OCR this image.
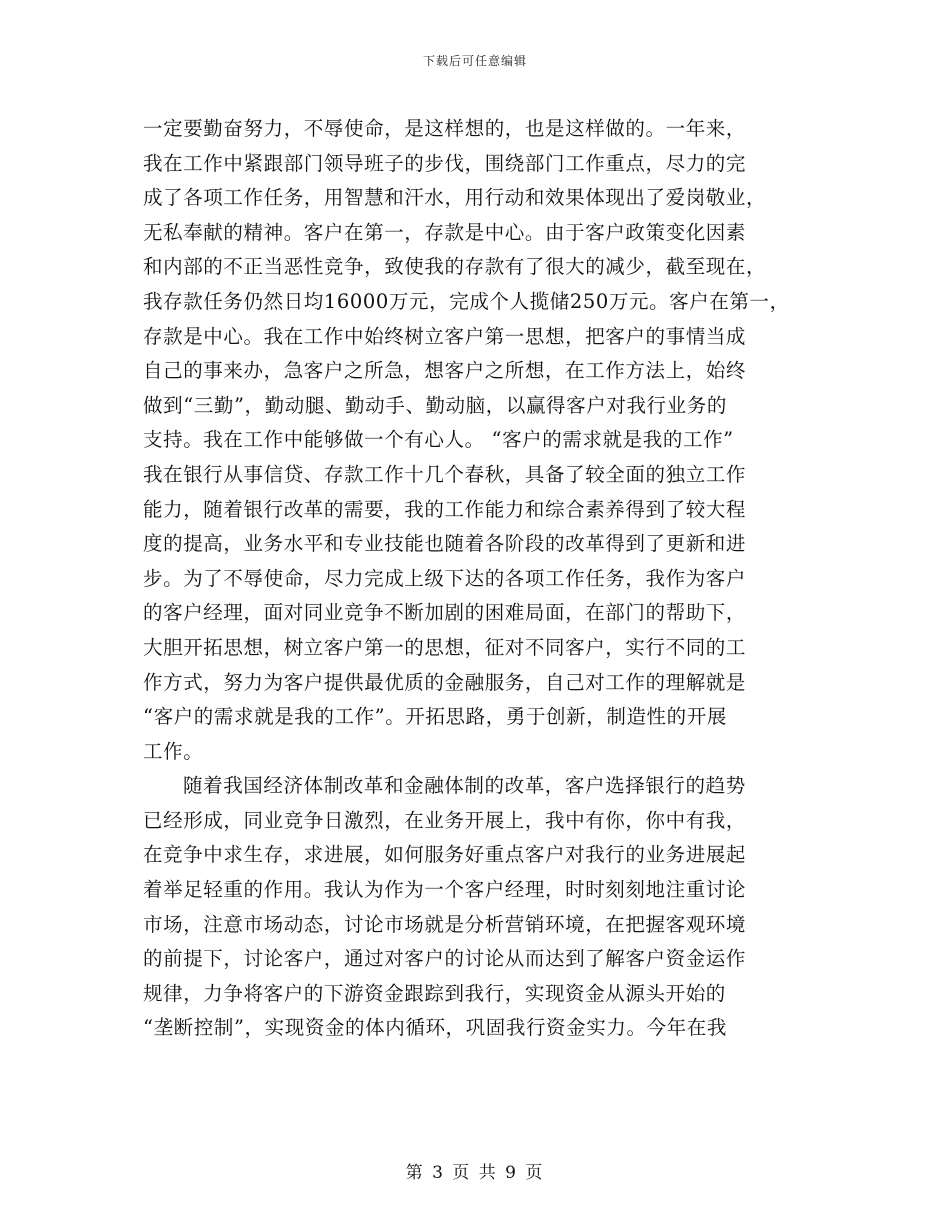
下载后可任意编辑
一定要勤奋努力，不辱使命，是这样想的，也是这样做的。一年来，
我在工作中紧跟部门领导班子的步伐，围绕部门工作重点，尽力的完
成了各项工作任务，用智慧和汗水，用行动和效果体现出了爱岗敬业，
无私奉献的精神。客户在第一，存款是中心。由于客户政策变化因素
和内部的不正当恶性竞争，致使我的存款有了很大的减少，截至现在，
我存款任务仍然日均16000万元，完成个人揽储250万元。客户在第一，
存款是中心。我在工作中始终树立客户第一思想，把客户的事情当成
自己的事来办，急客户之所急，想客户之所想，在工作方法上，始终
做到“三勤”，勤动腿、勤动手、勤动脑，以赢得客户对我行业务的
支持。我在工作中能够做一个有心人。 “客户的需求就是我的工作”
我在银行从事信贷、存款工作十几个春秋，具备了较全面的独立工作
能力，随着银行改革的需要，我的工作能力和综合素养得到了较大程
度的提高，业务水平和专业技能也随着各阶段的改革得到了更新和进
步。为了不辱使命，尽力完成上级下达的各项工作任务，我作为客户
的客户经理，面对同业竞争不断加剧的困难局面，在部门的帮助下，
大胆开拓思想，树立客户第一的思想，征对不同客户，实行不同的工
作方式，努力为客户提供最优质的金融服务，自己对工作的理解就是
“客户的需求就是我的工作”。开拓思路，勇于创新，制造性的开展
工作。
随着我国经济体制改革和金融体制的改革，客户选择银行的趋势
已经形成，同业竞争日激烈，在业务开展上，我中有你，你中有我，
在竞争中求生存，求进展，如何服务好重点客户对我行的业务进展起
着举足轻重的作用。我认为作为一个客户经理，时时刻刻地注重讨论
市场，注意市场动态，讨论市场就是分析营销环境，在把握客观环境
的前提下，讨论客户，通过对客户的讨论从而达到了解客户资金运作
规律，力争将客户的下游资金跟踪到我行，实现资金从源头开始的
“垄断控制”，实现资金的体内循环，巩固我行资金实力。今年在我
第 3 页 共 9 页
